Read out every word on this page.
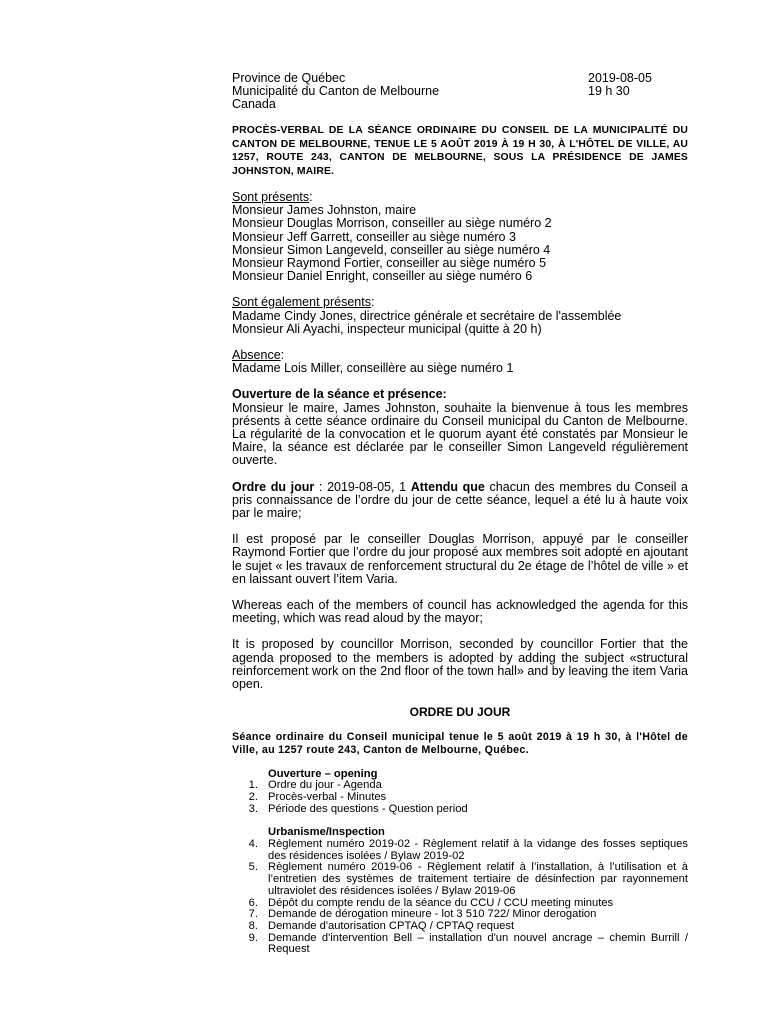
Province de Québec
Municipalité du Canton de Melbourne
Canada
2019-08-05
19 h 30
PROCÈS-VERBAL DE LA SÉANCE ORDINAIRE DU CONSEIL DE LA MUNICIPALITÉ DU CANTON DE MELBOURNE, TENUE LE 5 AOÛT 2019 À 19 H 30, À L'HÔTEL DE VILLE, AU 1257, ROUTE 243, CANTON DE MELBOURNE, SOUS LA PRÉSIDENCE DE JAMES JOHNSTON, MAIRE.
Sont présents:
Monsieur James Johnston, maire
Monsieur Douglas Morrison, conseiller au siège numéro 2
Monsieur Jeff Garrett, conseiller au siège numéro 3
Monsieur Simon Langeveld, conseiller au siège numéro 4
Monsieur Raymond Fortier, conseiller au siège numéro 5
Monsieur Daniel Enright, conseiller au siège numéro 6
Sont également présents:
Madame Cindy Jones, directrice générale et secrétaire de l'assemblée
Monsieur Ali Ayachi, inspecteur municipal (quitte à 20 h)
Absence:
Madame Lois Miller, conseillère au siège numéro 1
Ouverture de la séance et présence:
Monsieur le maire, James Johnston, souhaite la bienvenue à tous les membres présents à cette séance ordinaire du Conseil municipal du Canton de Melbourne. La régularité de la convocation et le quorum ayant été constatés par Monsieur le Maire, la séance est déclarée par le conseiller Simon Langeveld régulièrement ouverte.
Ordre du jour : 2019-08-05, 1 Attendu que chacun des membres du Conseil a pris connaissance de l’ordre du jour de cette séance, lequel a été lu à haute voix par le maire;
Il est proposé par le conseiller Douglas Morrison, appuyé par le conseiller Raymond Fortier que l’ordre du jour proposé aux membres soit adopté en ajoutant le sujet « les travaux de renforcement structural du 2e étage de l’hôtel de ville » et en laissant ouvert l’item Varia.
Whereas each of the members of council has acknowledged the agenda for this meeting, which was read aloud by the mayor;
It is proposed by councillor Morrison, seconded by councillor Fortier that the agenda proposed to the members is adopted by adding the subject «structural reinforcement work on the 2nd floor of the town hall» and by leaving the item Varia open.
ORDRE DU JOUR
Séance ordinaire du Conseil municipal tenue le 5 août 2019 à 19 h 30, à l'Hôtel de Ville, au 1257 route 243, Canton de Melbourne, Québec.
Ouverture – opening
1. Ordre du jour - Agenda
2. Procès-verbal - Minutes
3. Période des questions - Question period
Urbanisme/Inspection
4. Règlement numéro 2019-02 - Règlement relatif à la vidange des fosses septiques des résidences isolées / Bylaw 2019-02
5. Règlement numéro 2019-06 - Règlement relatif à l’installation, à l’utilisation et à l’entretien des systèmes de traitement tertiaire de désinfection par rayonnement ultraviolet des résidences isolées / Bylaw 2019-06
6. Dépôt du compte rendu de la séance du CCU / CCU meeting minutes
7. Demande de dérogation mineure - lot 3 510 722/ Minor derogation
8. Demande d'autorisation CPTAQ / CPTAQ request
9. Demande d'intervention Bell – installation d'un nouvel ancrage – chemin Burrill / Request
